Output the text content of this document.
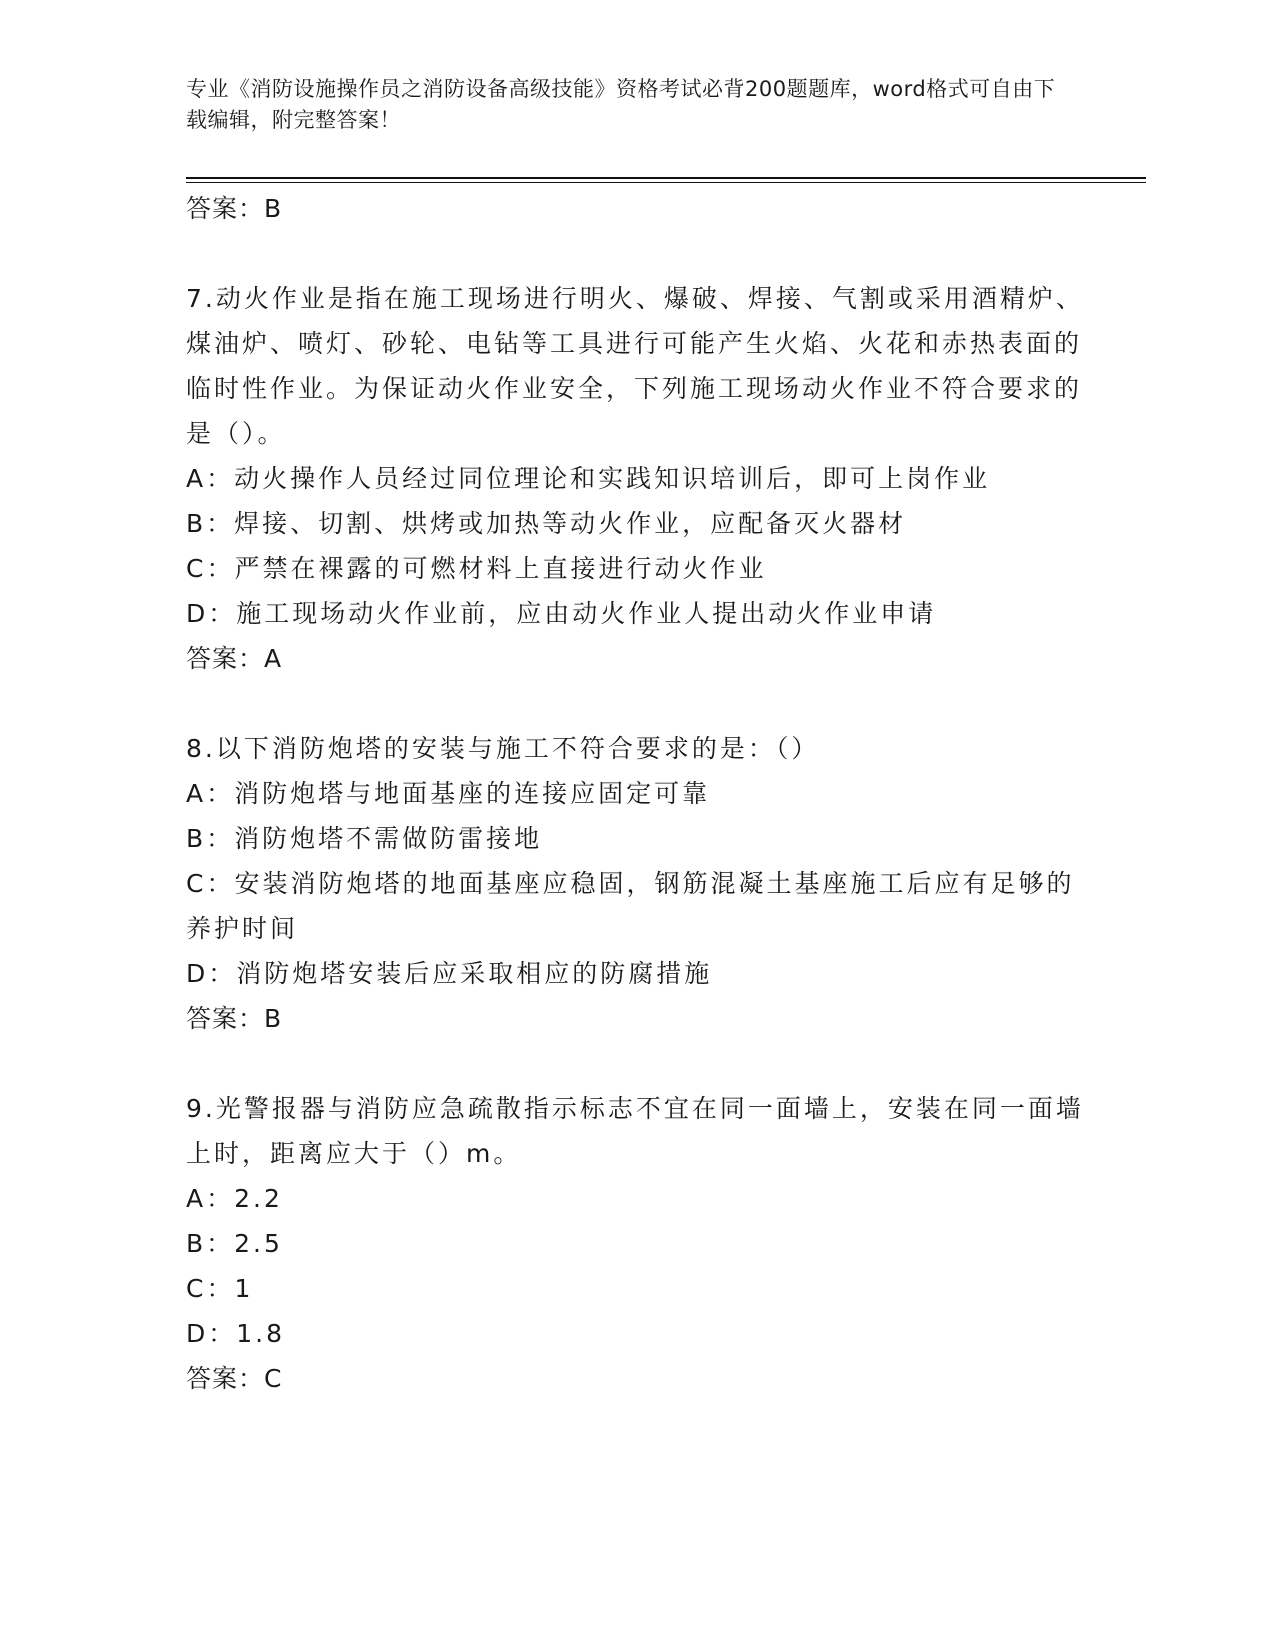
专业《消防设施操作员之消防设备高级技能》资格考试必背200题题库，word格式可自由下载编辑，附完整答案！
答案：B
7.动火作业是指在施工现场进行明火、爆破、焊接、气割或采用酒精炉、煤油炉、喷灯、砂轮、电钻等工具进行可能产生火焰、火花和赤热表面的临时性作业。为保证动火作业安全，下列施工现场动火作业不符合要求的是（）。
A：动火操作人员经过同位理论和实践知识培训后，即可上岗作业
B：焊接、切割、烘烤或加热等动火作业，应配备灭火器材
C：严禁在裸露的可燃材料上直接进行动火作业
D：施工现场动火作业前，应由动火作业人提出动火作业申请
答案：A
8.以下消防炮塔的安装与施工不符合要求的是：（）
A：消防炮塔与地面基座的连接应固定可靠
B：消防炮塔不需做防雷接地
C：安装消防炮塔的地面基座应稳固，钢筋混凝土基座施工后应有足够的养护时间
D：消防炮塔安装后应采取相应的防腐措施
答案：B
9.光警报器与消防应急疏散指示标志不宜在同一面墙上，安装在同一面墙上时，距离应大于（）m。
A：2.2
B：2.5
C：1
D：1.8
答案：C
